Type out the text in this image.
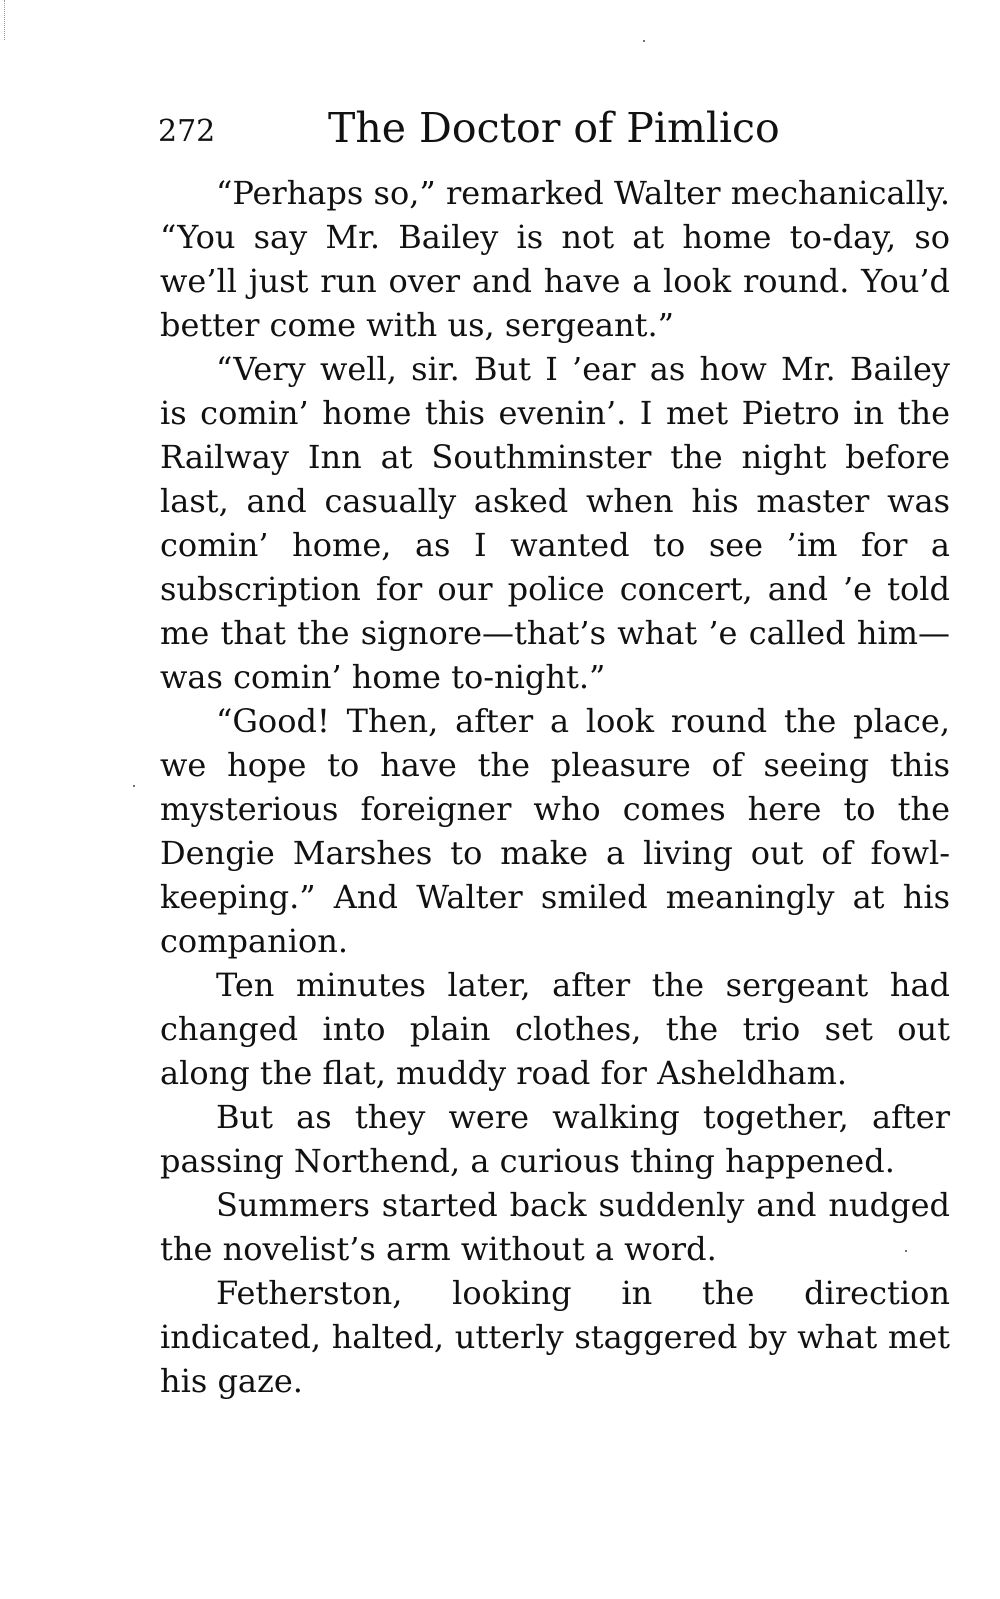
272	The Doctor of Pimlico

“Perhaps so,” remarked Walter mechanically. “You say Mr. Bailey is not at home to-day, so we’ll just run over and have a look round. You’d better come with us, sergeant.”

“Very well, sir. But I ’ear as how Mr. Bailey is comin’ home this evenin’. I met Pietro in the Railway Inn at Southminster the night before last, and casually asked when his master was comin’ home, as I wanted to see ’im for a subscription for our police concert, and ’e told me that the signore—that’s what ’e called him—was comin’ home to-night.”

“Good! Then, after a look round the place, we hope to have the pleasure of seeing this mysterious foreigner who comes here to the Dengie Marshes to make a living out of fowl-keeping.” And Walter smiled meaningly at his companion.

Ten minutes later, after the sergeant had changed into plain clothes, the trio set out along the flat, muddy road for Asheldham.

But as they were walking together, after passing Northend, a curious thing happened.

Summers started back suddenly and nudged the novelist’s arm without a word.

Fetherston, looking in the direction indicated, halted, utterly staggered by what met his gaze.
